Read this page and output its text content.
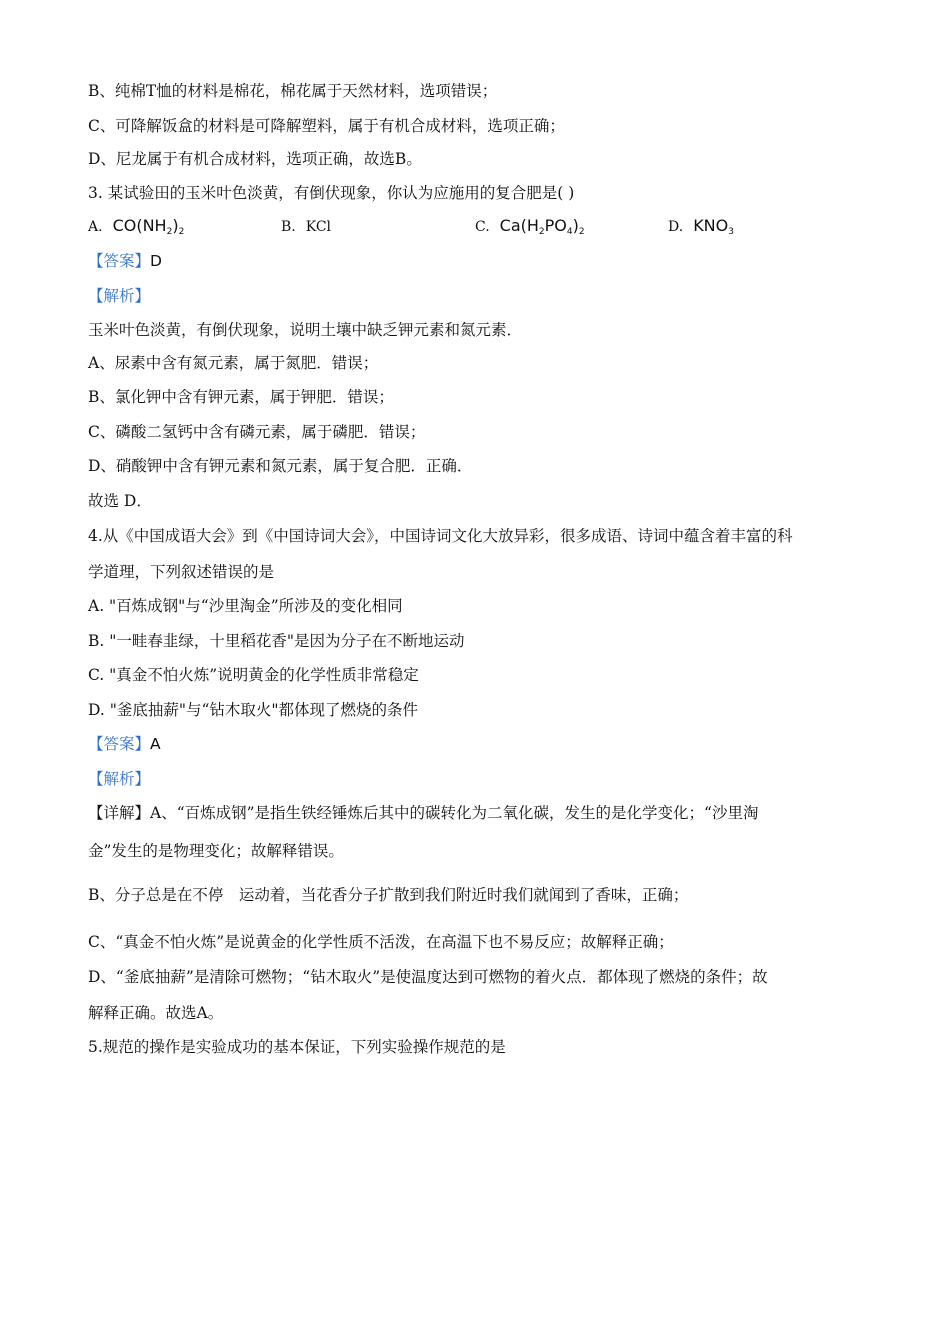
B、纯棉T恤的材料是棉花，棉花属于天然材料，选项错误；
C、可降解饭盒的材料是可降解塑料，属于有机合成材料，选项正确；
D、尼龙属于有机合成材料，选项正确，故选B。
3. 某试验田的玉米叶色淡黄，有倒伏现象，你认为应施用的复合肥是( )
A. $CO(NH_2)_2$	B. KCl	C. $Ca(H_2PO_4)_2$	D. $KNO_3$
【答案】D
【解析】
玉米叶色淡黄，有倒伏现象，说明土壤中缺乏钾元素和氮元素．
A、尿素中含有氮元素，属于氮肥．错误；
B、氯化钾中含有钾元素，属于钾肥．错误；
C、磷酸二氢钙中含有磷元素，属于磷肥．错误；
D、硝酸钾中含有钾元素和氮元素，属于复合肥．正确．
故选 D．
4.从《中国成语大会》到《中国诗词大会》，中国诗词文化大放异彩，很多成语、诗词中蕴含着丰富的科
学道理，下列叙述错误的是
A. "百炼成钢"与“沙里淘金”所涉及的变化相同
B. "一畦春韭绿，十里稻花香"是因为分子在不断地运动
C. "真金不怕火炼”说明黄金的化学性质非常稳定
D. "釜底抽薪"与“钻木取火"都体现了燃烧的条件
【答案】A
【解析】
【详解】A、“百炼成钢”是指生铁经锤炼后其中的碳转化为二氧化碳，发生的是化学变化；“沙里淘
金”发生的是物理变化；故解释错误。
B、分子总是在不停　运动着，当花香分子扩散到我们附近时我们就闻到了香味，正确；
C、“真金不怕火炼”是说黄金的化学性质不活泼，在高温下也不易反应；故解释正确；
D、“釜底抽薪”是清除可燃物；“钻木取火”是使温度达到可燃物的着火点．都体现了燃烧的条件；故
解释正确。故选A。
5.规范的操作是实验成功的基本保证，下列实验操作规范的是
